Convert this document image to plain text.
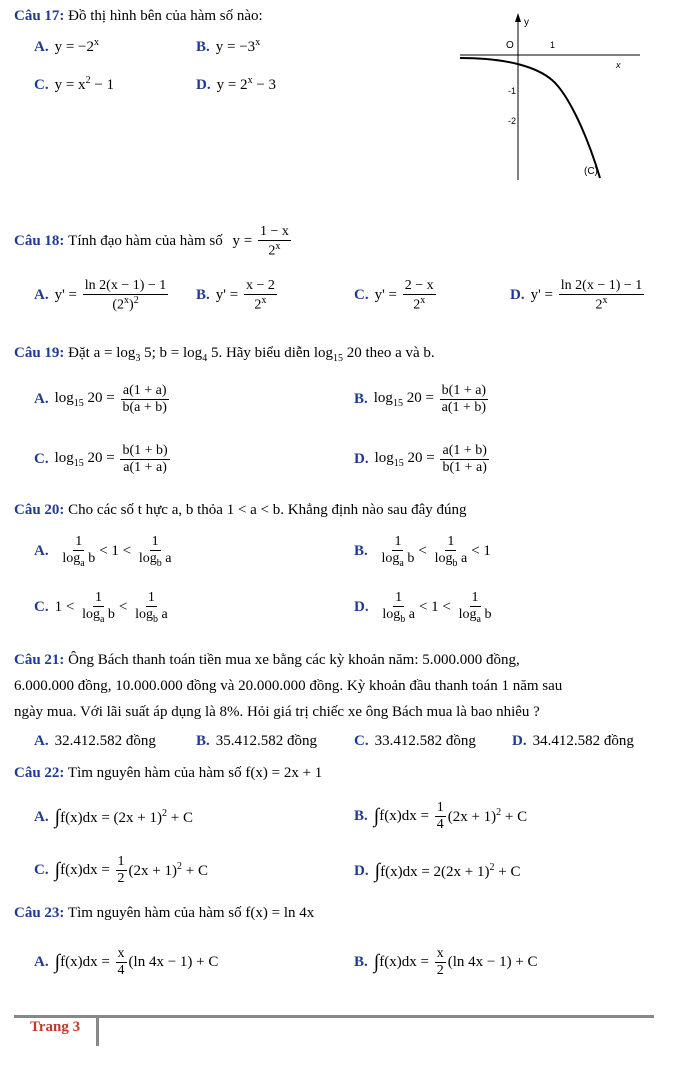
Câu 17: Đồ thị hình bên của hàm số nào:
A. $y = -2^x$	B. $y = -3^x$
C. $y = x^2 - 1$	D. $y = 2^x - 3$
y
O	1
x
-1
-2
(C)
Câu 18: Tính đạo hàm của hàm số $y = \frac{1 - x}{2^x}$
A. $y' = \frac{\ln 2(x - 1) - 1}{(2^x)^2} B$. $y' = \frac{x - 2}{2^x}$	C. $y' = \frac{2 - x}{2^x}$	D. $y' = \frac{\ln 2(x - 1) - 1}{2^x}$
Câu 19: Đặt $a = \log_3 5$; $b = \log_4 5$. Hãy biểu diễn $\log_{15} 20$ theo a và b.
A. $\log_{15} 20 = \frac{a(1 + a)}{b(a + b)}$	B. $\log_{15} 20 = \frac{b(1 + a)}{a(1 + b)}$
C. $\log_{15} 20 = \frac{b(1 + b)}{a(1 + a)}$	D. $\log_{15} 20 = \frac{a(1 + b)}{b(1 + a)}$
Câu 20: Cho các số t hực a, b thỏa 1 < a < b. Khẳng định nào sau đây đúng
A. $\frac{1}{\log_a b} < 1 < \frac{1}{\log_b a}$	B. $\frac{1}{\log_a b} < \frac{1}{\log_b a} < 1$
C. $1 < \frac{1}{\log_a b} < \frac{1}{\log_b a}$	D. $\frac{1}{\log_b a} < 1 < \frac{1}{\log_a b}$
Câu 21: Ông Bách thanh toán tiền mua xe bằng các kỳ khoản năm: 5.000.000 đồng,
6.000.000 đồng, 10.000.000 đồng và 20.000.000 đồng. Kỳ khoản đầu thanh toán 1 năm sau
ngày mua. Với lãi suất áp dụng là 8%. Hỏi giá trị chiếc xe ông Bách mua là bao nhiêu ?
A. 32.412.582 đồng	B. 35.412.582 đồng C. 33.412.582 đồng D. 34.412.582 đồng
Câu 22: Tìm nguyên hàm của hàm số f(x) = 2x + 1
A. $\int f(x)dx = (2x + 1)^2 + C$	B. $\int f(x)dx = \frac{1}{4} (2x + 1)^2 + C$
C. $\int f(x)dx = \frac{1}{2} (2x + 1)^2 + C$	D. $\int f(x)dx = 2(2x + 1)^2 + C$
Câu 23: Tìm nguyên hàm của hàm số f(x) = ln 4x
A. $\int f(x)dx = \frac{x}{4} (\ln$ 4x − 1) + C	B. $\int f(x)dx = \frac{x}{2} (\ln$ 4x − 1) + C
Trang 3
